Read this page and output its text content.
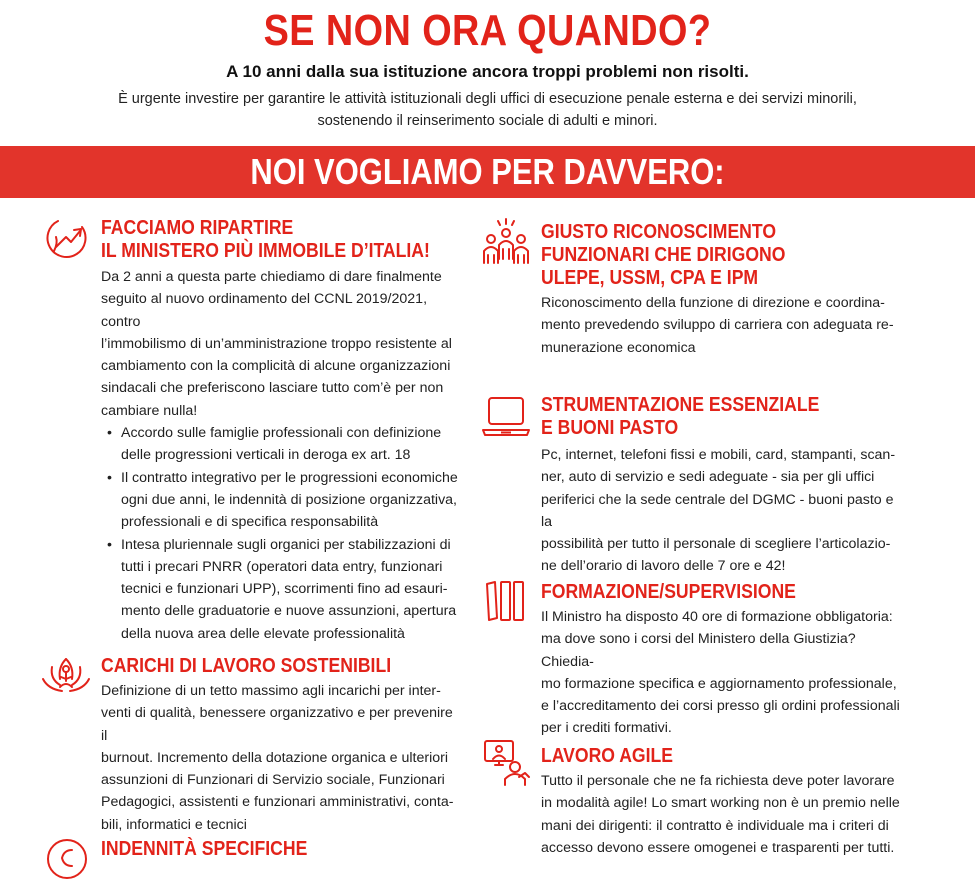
SE NON ORA QUANDO?
A 10 anni dalla sua istituzione ancora troppi problemi non risolti.
È urgente investire per garantire le attività istituzionali degli uffici di esecuzione penale esterna e dei servizi minorili,
sostenendo il reinserimento sociale di adulti e minori.
NOI VOGLIAMO PER DAVVERO:
FACCIAMO RIPARTIRE
IL MINISTERO PIÙ IMMOBILE D’ITALIA!
Da 2 anni a questa parte chiediamo di dare finalmente
seguito al nuovo ordinamento del CCNL 2019/2021, contro
l’immobilismo di un’amministrazione troppo resistente al
cambiamento con la complicità di alcune organizzazioni
sindacali che preferiscono lasciare tutto com’è per non
cambiare nulla!
• Accordo sulle famiglie professionali con definizione
delle progressioni verticali in deroga ex art. 18
• Il contratto integrativo per le progressioni economiche
ogni due anni, le indennità di posizione organizzativa,
professionali e di specifica responsabilità
• Intesa pluriennale sugli organici per stabilizzazioni di
tutti i precari PNRR (operatori data entry, funzionari
tecnici e funzionari UPP), scorrimenti fino ad esauri-
mento delle graduatorie e nuove assunzioni, apertura
della nuova area delle elevate professionalità
CARICHI DI LAVORO SOSTENIBILI
Definizione di un tetto massimo agli incarichi per inter-
venti di qualità, benessere organizzativo e per prevenire il
burnout. Incremento della dotazione organica e ulteriori
assunzioni di Funzionari di Servizio sociale, Funzionari
Pedagogici, assistenti e funzionari amministrativi, conta-
bili, informatici e tecnici
INDENNITÀ SPECIFICHE
GIUSTO RICONOSCIMENTO
FUNZIONARI CHE DIRIGONO
ULEPE, USSM, CPA E IPM
Riconoscimento della funzione di direzione e coordina-
mento prevedendo sviluppo di carriera con adeguata re-
munerazione economica
STRUMENTAZIONE ESSENZIALE
E BUONI PASTO
Pc, internet, telefoni fissi e mobili, card, stampanti, scan-
ner, auto di servizio e sedi adeguate - sia per gli uffici
periferici che la sede centrale del DGMC - buoni pasto e la
possibilità per tutto il personale di scegliere l’articolazio-
ne dell’orario di lavoro delle 7 ore e 42!
FORMAZIONE/SUPERVISIONE
Il Ministro ha disposto 40 ore di formazione obbligatoria:
ma dove sono i corsi del Ministero della Giustizia? Chiedia-
mo formazione specifica e aggiornamento professionale,
e l’accreditamento dei corsi presso gli ordini professionali
per i crediti formativi.
LAVORO AGILE
Tutto il personale che ne fa richiesta deve poter lavorare
in modalità agile! Lo smart working non è un premio nelle
mani dei dirigenti: il contratto è individuale ma i criteri di
accesso devono essere omogenei e trasparenti per tutti.
